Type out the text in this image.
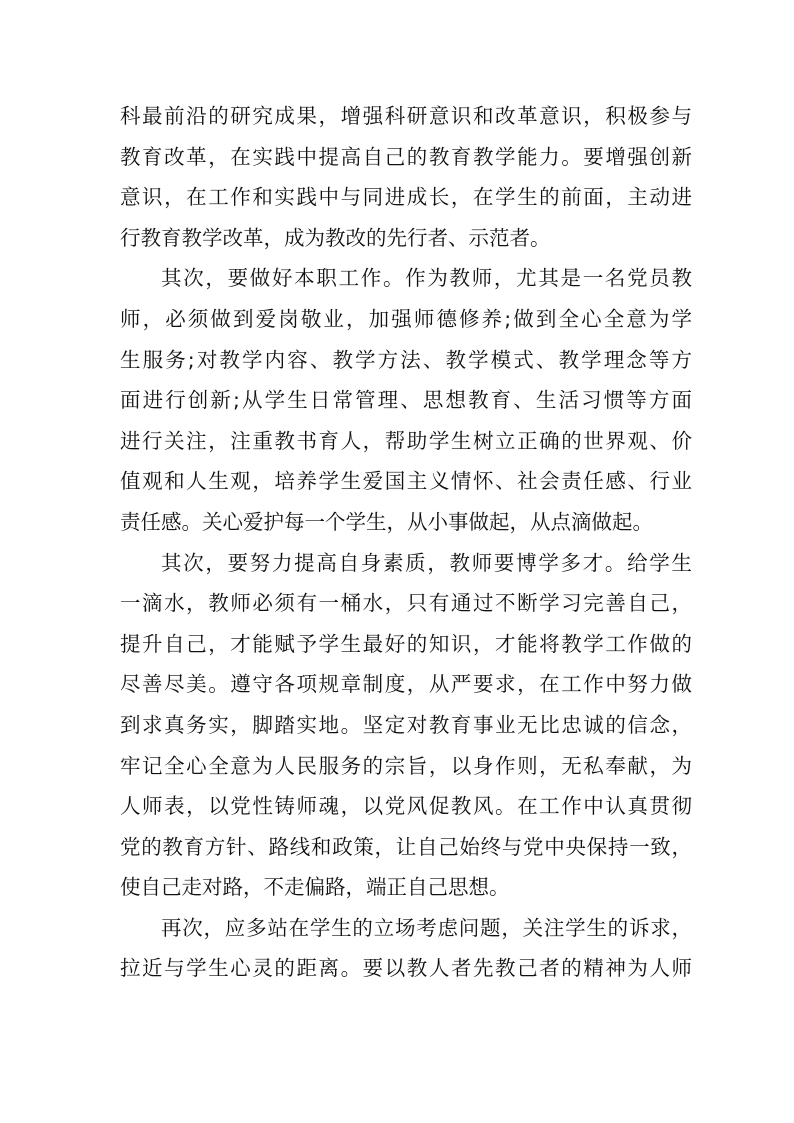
科最前沿的研究成果，增强科研意识和改革意识，积极参与
教育改革，在实践中提高自己的教育教学能力。要增强创新
意识，在工作和实践中与同进成长，在学生的前面，主动进
行教育教学改革，成为教改的先行者、示范者。
其次，要做好本职工作。作为教师，尤其是一名党员教
师，必须做到爱岗敬业，加强师德修养;做到全心全意为学
生服务;对教学内容、教学方法、教学模式、教学理念等方
面进行创新;从学生日常管理、思想教育、生活习惯等方面
进行关注，注重教书育人，帮助学生树立正确的世界观、价
值观和人生观，培养学生爱国主义情怀、社会责任感、行业
责任感。关心爱护每一个学生，从小事做起，从点滴做起。
其次，要努力提高自身素质，教师要博学多才。给学生
一滴水，教师必须有一桶水，只有通过不断学习完善自己，
提升自己，才能赋予学生最好的知识，才能将教学工作做的
尽善尽美。遵守各项规章制度，从严要求，在工作中努力做
到求真务实，脚踏实地。坚定对教育事业无比忠诚的信念，
牢记全心全意为人民服务的宗旨，以身作则，无私奉献，为
人师表，以党性铸师魂，以党风促教风。在工作中认真贯彻
党的教育方针、路线和政策，让自己始终与党中央保持一致，
使自己走对路，不走偏路，端正自己思想。
再次，应多站在学生的立场考虑问题，关注学生的诉求，
拉近与学生心灵的距离。要以教人者先教己者的精神为人师
